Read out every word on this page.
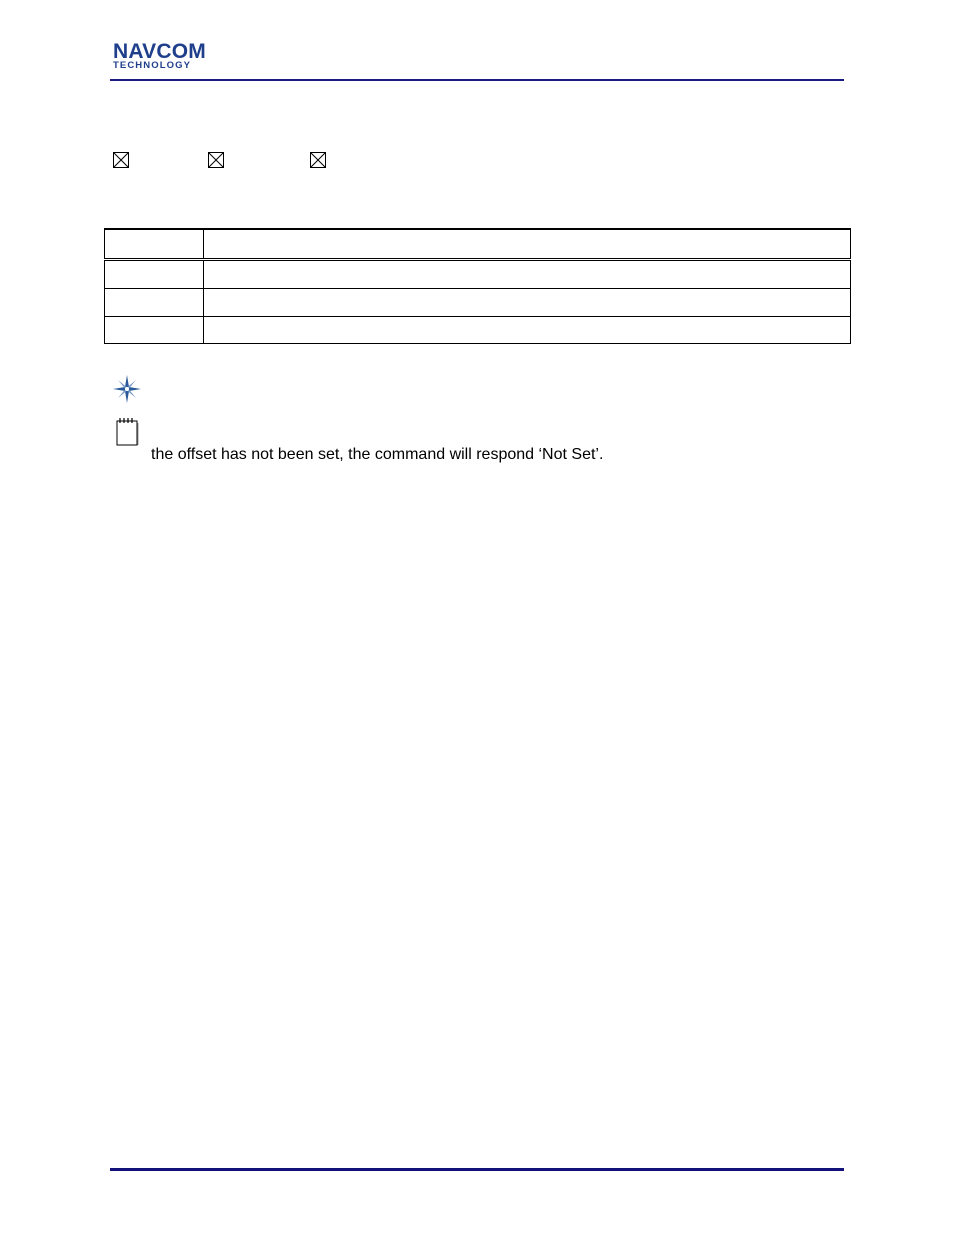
NAVCOM
TECHNOLOGY

the offset has not been set, the command will respond ‘Not Set’.
